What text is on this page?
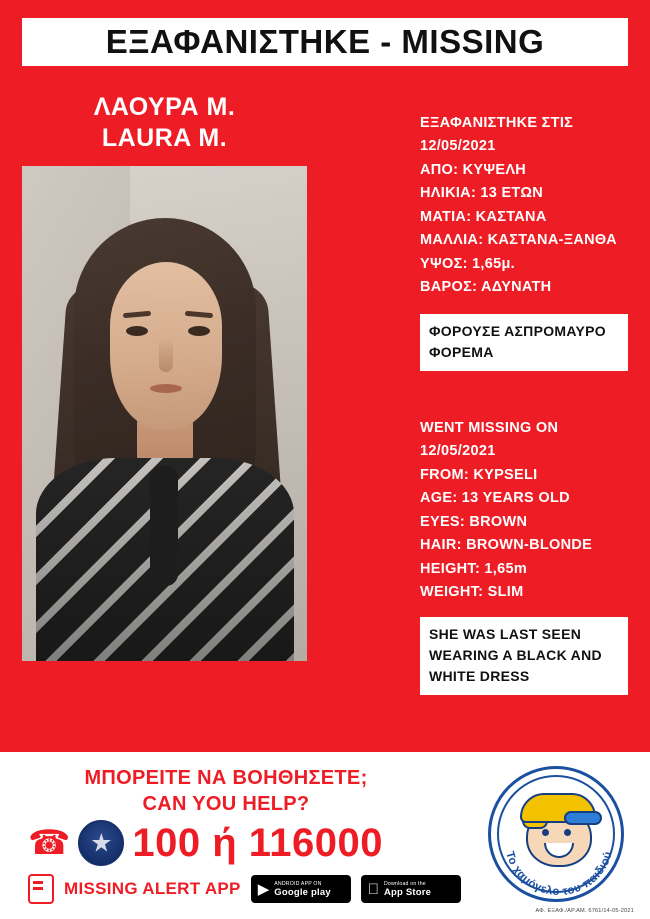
ΕΞΑΦΑΝΙΣΤΗΚΕ - MISSING
ΛΑΟΥΡΑ Μ.
LAURA M.
ΕΞΑΦΑΝΙΣΤΗΚΕ ΣΤΙΣ
12/05/2021
ΑΠΟ: ΚΥΨΕΛΗ
ΗΛΙΚΙΑ: 13 ΕΤΩΝ
ΜΑΤΙΑ: ΚΑΣΤΑΝΑ
ΜΑΛΛΙΑ: ΚΑΣΤΑΝΑ-ΞΑΝΘΑ
ΥΨΟΣ: 1,65μ.
ΒΑΡΟΣ: ΑΔΥΝΑΤΗ
ΦΟΡΟΥΣΕ ΑΣΠΡΟΜΑΥΡΟ ΦΟΡΕΜΑ
WENT MISSING ON
12/05/2021
FROM: KYPSELI
AGE: 13 YEARS OLD
EYES: BROWN
HAIR: BROWN-BLONDE
HEIGHT: 1,65m
WEIGHT: SLIM
SHE WAS LAST SEEN WEARING A BLACK AND WHITE DRESS
ΜΠΟΡΕΙΤΕ ΝΑ ΒΟΗΘΗΣΕΤΕ;
CAN YOU HELP?
☎ 100 ή 116000
MISSING ALERT APP ▶ ANDROID APP ON
Google play
Download on the
App Store
Το χαμόγελο του παιδιού
ΑΦ. ΕΞΑΦ./ΑΡ.ΑΜ. 6761/14-05-2021
